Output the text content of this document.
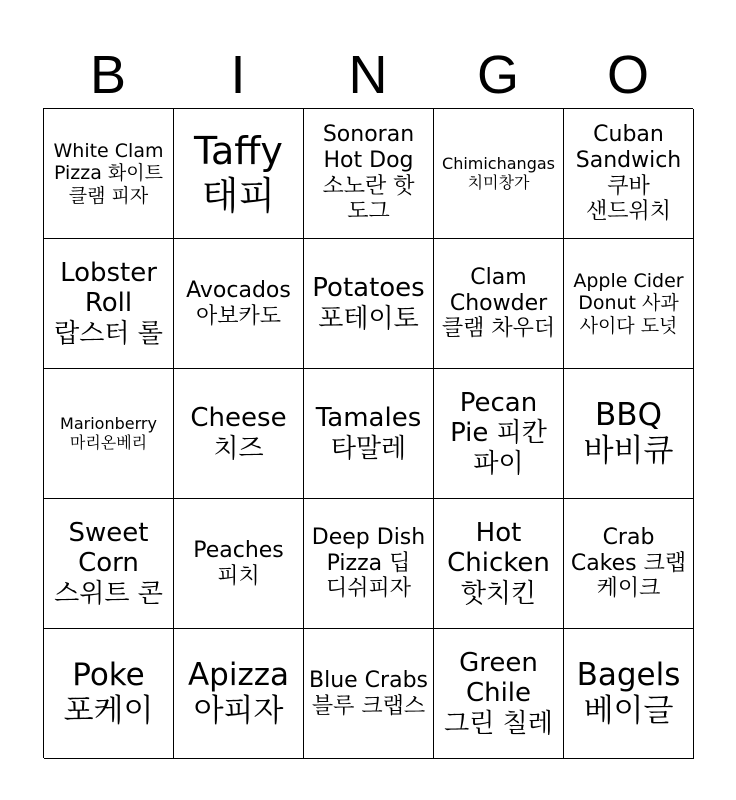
B	I	N	G	O
White Clam Pizza 화이트 클램 피자
Taffy 태피
Sonoran Hot Dog 소노란 핫 도그
Chimichangas 치미창가
Cuban Sandwich 쿠바 샌드위치
Lobster Roll 랍스터 롤
Avocados 아보카도
Potatoes 포테이토
Clam Chowder 클램 차우더
Apple Cider Donut 사과 사이다 도넛
Marionberry 마리온베리
Cheese 치즈
Tamales 타말레
Pecan Pie 피칸 파이
BBQ 바비큐
Sweet Corn 스위트 콘
Peaches 피치
Deep Dish Pizza 딥 디쉬피자
Hot Chicken 핫치킨
Crab Cakes 크랩 케이크
Poke 포케이
Apizza 아피자
Blue Crabs 블루 크랩스
Green Chile 그린 칠레
Bagels 베이글
